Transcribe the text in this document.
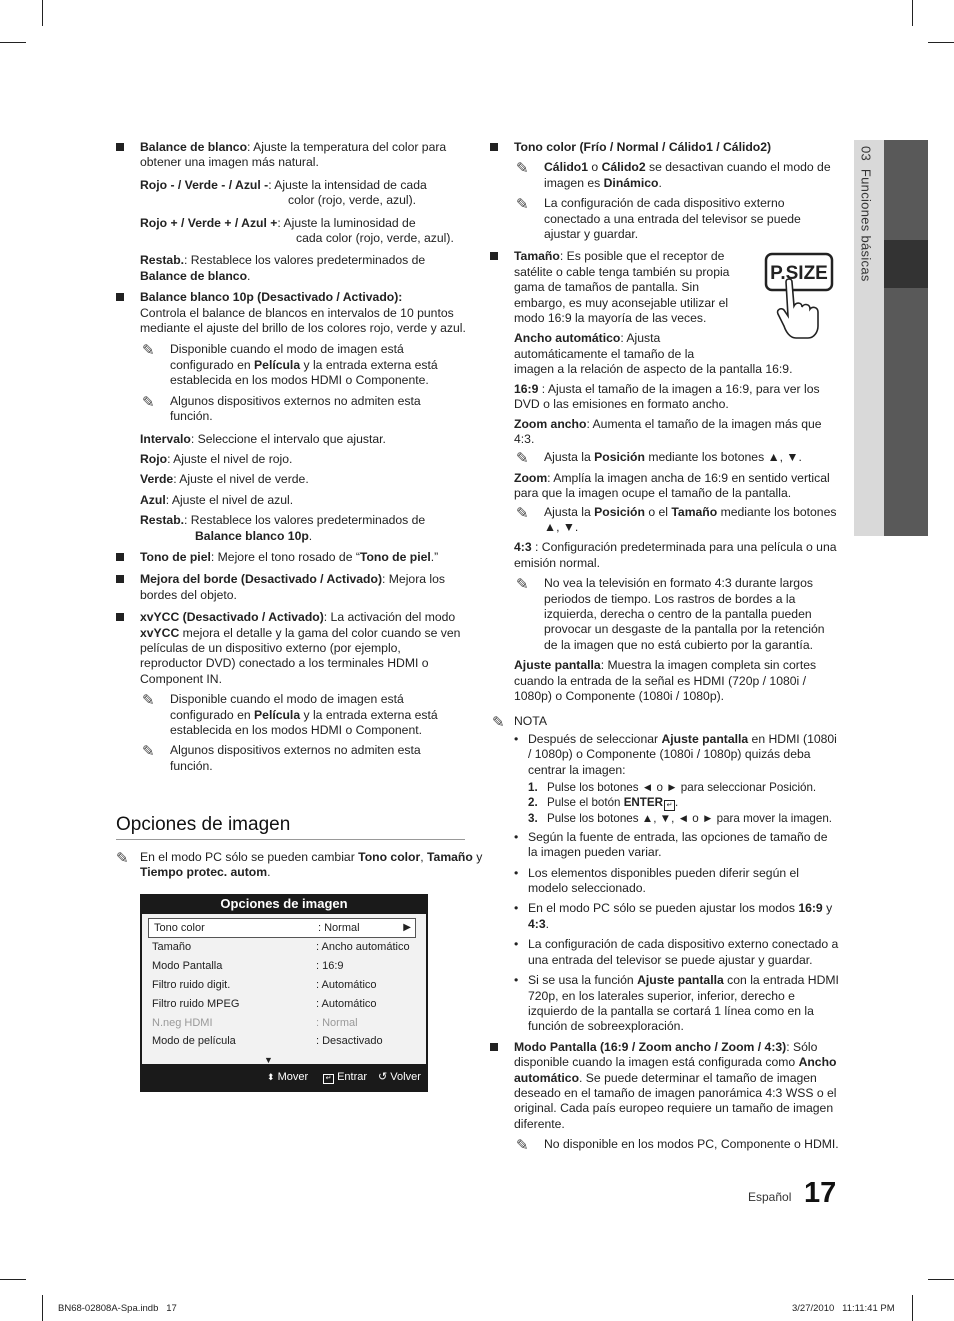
03  Funciones básicas
Balance de blanco: Ajuste la temperatura del color para obtener una imagen más natural.
Rojo - / Verde - / Azul -: Ajuste la intensidad de cada
color (rojo, verde, azul).
Rojo + / Verde + / Azul +: Ajuste la luminosidad de
cada color (rojo, verde, azul).
Restab.: Restablece los valores predeterminados de Balance de blanco.
Balance blanco 10p (Desactivado / Activado):
Controla el balance de blancos en intervalos de 10 puntos mediante el ajuste del brillo de los colores rojo, verde y azul.
✎ Disponible cuando el modo de imagen está configurado en Película y la entrada externa está establecida en los modos HDMI o Componente.
✎ Algunos dispositivos externos no admiten esta función.
Intervalo: Seleccione el intervalo que ajustar.
Rojo: Ajuste el nivel de rojo.
Verde: Ajuste el nivel de verde.
Azul: Ajuste el nivel de azul.
Restab.: Restablece los valores predeterminados de
Balance blanco 10p.
Tono de piel: Mejore el tono rosado de “Tono de piel.”
Mejora del borde (Desactivado / Activado): Mejora los bordes del objeto.
xvYCC (Desactivado / Activado): La activación del modo xvYCC mejora el detalle y la gama del color cuando se ven películas de un dispositivo externo (por ejemplo, reproductor DVD) conectado a los terminales HDMI o Component IN.
✎ Disponible cuando el modo de imagen está configurado en Película y la entrada externa está establecida en los modos HDMI o Component.
✎ Algunos dispositivos externos no admiten esta función.
Opciones de imagen
✎ En el modo PC sólo se pueden cambiar Tono color, Tamaño y Tiempo protec. autom.
Opciones de imagen
Tono color	: Normal	▶
Tamaño	: Ancho automático
Modo Pantalla	: 16:9
Filtro ruido digit.	: Automático
Filtro ruido MPEG	: Automático
N.neg HDMI	: Normal
Modo de película	: Desactivado
▼
⬍ Mover	↵ Entrar ↺ Volver
Tono color (Frío / Normal / Cálido1 / Cálido2)
✎ Cálido1 o Cálido2 se desactivan cuando el modo de imagen es Dinámico.
✎ La configuración de cada dispositivo externo conectado a una entrada del televisor se puede ajustar y guardar.
Tamaño: Es posible que el receptor de satélite o cable tenga también su propia gama de tamaños de pantalla. Sin embargo, es muy aconsejable utilizar el modo 16:9 la mayoría de las veces.
Ancho automático: Ajusta automáticamente el tamaño de la
imagen a la relación de aspecto de la pantalla 16:9.
16:9 : Ajusta el tamaño de la imagen a 16:9, para ver los DVD o las emisiones en formato ancho.
Zoom ancho: Aumenta el tamaño de la imagen más que 4:3.
✎ Ajusta la Posición mediante los botones ▲, ▼.
Zoom: Amplía la imagen ancha de 16:9 en sentido vertical para que la imagen ocupe el tamaño de la pantalla.
✎ Ajusta la Posición o el Tamaño mediante los botones ▲, ▼.
4:3 : Configuración predeterminada para una película o una emisión normal.
✎ No vea la televisión en formato 4:3 durante largos periodos de tiempo. Los rastros de bordes a la izquierda, derecha o centro de la pantalla pueden provocar un desgaste de la pantalla por la retención de la imagen que no está cubierto por la garantía.
Ajuste pantalla: Muestra la imagen completa sin cortes cuando la entrada de la señal es HDMI (720p / 1080i / 1080p) o Componente (1080i / 1080p).
✎ NOTA
• Después de seleccionar Ajuste pantalla en HDMI (1080i / 1080p) o Componente (1080i / 1080p) quizás deba centrar la imagen:
1. Pulse los botones ◄ o ► para seleccionar Posición.
2. Pulse el botón ENTER ↵ .
3. Pulse los botones ▲, ▼, ◄ o ► para mover la imagen.
• Según la fuente de entrada, las opciones de tamaño de la imagen pueden variar.
• Los elementos disponibles pueden diferir según el modelo seleccionado.
• En el modo PC sólo se pueden ajustar los modos 16:9 y 4:3.
• La configuración de cada dispositivo externo conectado a una entrada del televisor se puede ajustar y guardar.
• Si se usa la función Ajuste pantalla con la entrada HDMI 720p, en los laterales superior, inferior, derecho e izquierdo de la pantalla se cortará 1 línea como en la función de sobreexploración.
Modo Pantalla (16:9 / Zoom ancho / Zoom / 4:3): Sólo disponible cuando la imagen está configurada como Ancho automático. Se puede determinar el tamaño de imagen deseado en el tamaño de imagen panorámica 4:3 WSS o el original. Cada país europeo requiere un tamaño de imagen diferente.
✎ No disponible en los modos PC, Componente o HDMI.
P.SIZE
Español 17
BN68-02808A-Spa.indb   17	3/27/2010   11:11:41 PM
